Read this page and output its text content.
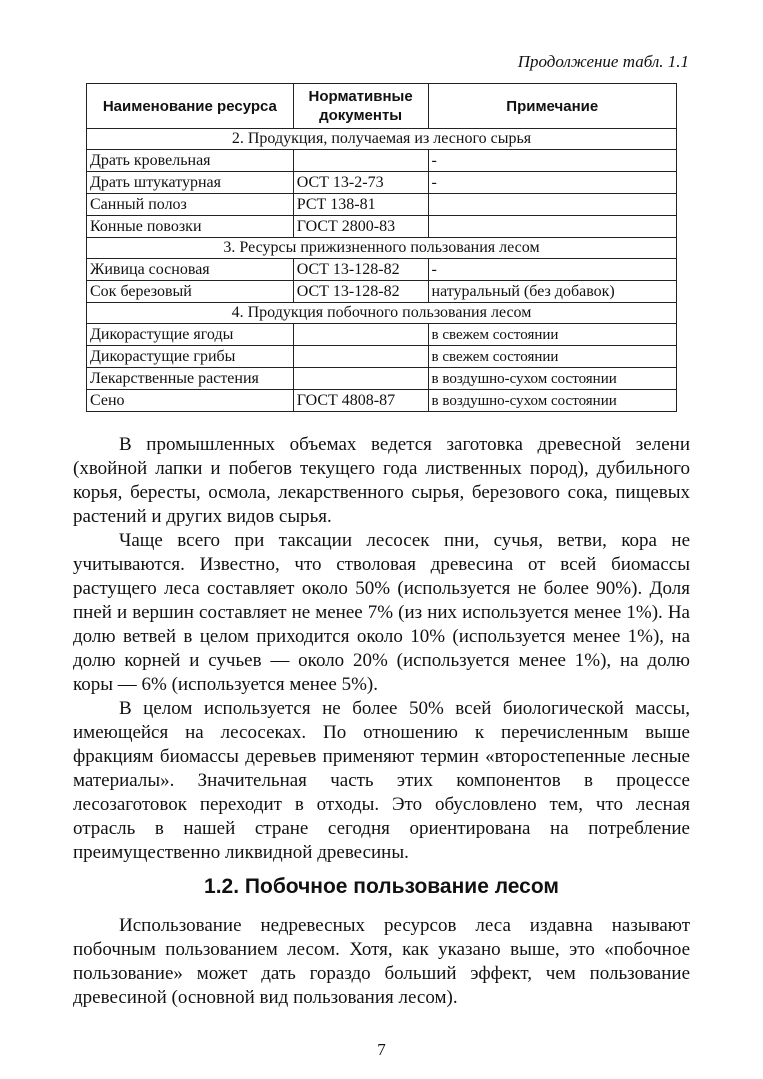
Продолжение табл. 1.1
Наименование ресурса	Нормативные документы	Примечание
2. Продукция, получаемая из лесного сырья		
Драть кровельная		-
Драть штукатурная	ОСТ 13-2-73	-
Санный полоз	РСТ 138-81	
Конные повозки	ГОСТ 2800-83	
3. Ресурсы прижизненного пользования лесом		
Живица сосновая	ОСТ 13-128-82	-
Сок березовый	ОСТ 13-128-82	натуральный (без добавок)
4. Продукция побочного пользования лесом		
Дикорастущие ягоды		в свежем состоянии
Дикорастущие грибы		в свежем состоянии
Лекарственные растения		в воздушно-сухом состоянии
Сено	ГОСТ 4808-87	в воздушно-сухом состоянии

В промышленных объемах ведется заготовка древесной зелени (хвойной лапки и побегов текущего года лиственных пород), дубильного корья, бересты, осмола, лекарственного сырья, березового сока, пищевых растений и других видов сырья.

Чаще всего при таксации лесосек пни, сучья, ветви, кора не учитываются. Известно, что стволовая древесина от всей биомассы растущего леса составляет около 50% (используется не более 90%). Доля пней и вершин составляет не менее 7% (из них используется менее 1%). На долю ветвей в целом приходится около 10% (используется менее 1%), на долю корней и сучьев — около 20% (используется менее 1%), на долю коры — 6% (используется менее 5%).

В целом используется не более 50% всей биологической массы, имеющейся на лесосеках. По отношению к перечисленным выше фракциям биомассы деревьев применяют термин «второстепенные лесные материалы». Значительная часть этих компонентов в процессе лесозаготовок переходит в отходы. Это обусловлено тем, что лесная отрасль в нашей стране сегодня ориентирована на потребление преимущественно ликвидной древесины.

1.2. Побочное пользование лесом

Использование недревесных ресурсов леса издавна называют побочным пользованием лесом. Хотя, как указано выше, это «побочное пользование» может дать гораздо больший эффект, чем пользование древесиной (основной вид пользования лесом).

7
